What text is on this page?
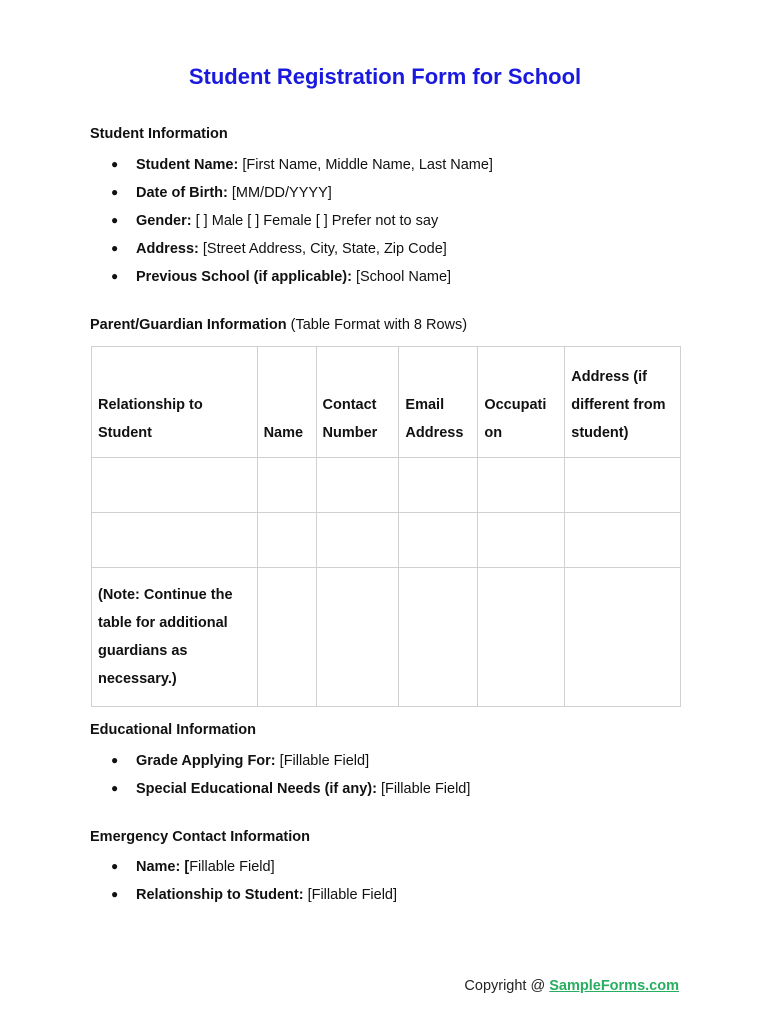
Student Registration Form for School
Student Information
● Student Name: [First Name, Middle Name, Last Name]
● Date of Birth: [MM/DD/YYYY]
● Gender: [ ] Male [ ] Female [ ] Prefer not to say
● Address: [Street Address, City, State, Zip Code]
● Previous School (if applicable): [School Name]
Parent/Guardian Information (Table Format with 8 Rows)
Relationship to Student	Name	Contact Number	Email Address	Occupati on	Address (if different from student)

(Note: Continue the table for additional guardians as necessary.)					
Educational Information
● Grade Applying For: [Fillable Field]
● Special Educational Needs (if any): [Fillable Field]
Emergency Contact Information
● Name: [Fillable Field]
● Relationship to Student: [Fillable Field]
Copyright @ SampleForms.com
